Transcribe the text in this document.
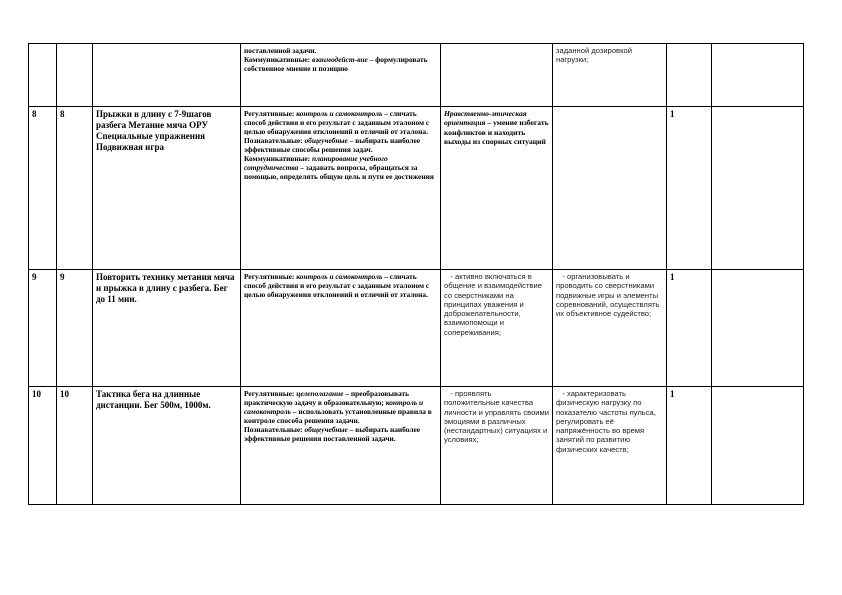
			поставленной задачи.
Коммуникативные: взаимодейст-вие – формулировать собственное мнение и позицию		заданной дозировкой нагрузки;		
8	8	Прыжки в длину с 7-9шагов разбега Метание мяча ОРУ Специальные упражнения Подвижная игра	Регулятивные: контроль и самоконтроль – сличать способ действия и его результат с заданным эталоном с целью обнаружения отклонений и отличий от эталона.
Познавательные: общеучебные – выбирать наиболее эффективные способы решения задач. Коммуникативные: планирование учебного сотрудничества – задавать вопросы, обращаться за помощью, определять общую цель и пути ее достижения	Нравственно-этическая ориентация – умение избегать конфликтов и находить выходы из спорных ситуаций		1	
9	9	Повторить технику метания мяча и прыжка в длину с разбега. Бег до 11 мин.	Регулятивные: контроль и самоконтроль – сличать способ действия и его результат с заданным эталоном с целью обнаружения отклонений и отличий от эталона.	- активно включаться в общение и взаимодействие со сверстниками на принципах уважения и доброжелательности, взаимопомощи и сопереживания;	- организовывать и проводить со сверстниками подвижные игры и элементы соревнований, осуществлять их объективное судейство;	1	
10	10	Тактика бега на длинные дистанции. Бег 500м, 1000м.	Регулятивные: целеполагание – преобразовывать практическую задачу в образовательную; контроль и самоконтроль – использовать установленные правила в контроле способа решения задачи.
Познавательные: общеучебные – выбирать наиболее эффективные решения поставленной задачи.	- проявлять положительные качества личности и управлять своими эмоциями в различных (нестандартных) ситуациях и условиях;	- характеризовать физическую нагрузку по показателю частоты пульса, регулировать её напряжённость во время занятий по развитию физических качеств;	1	
